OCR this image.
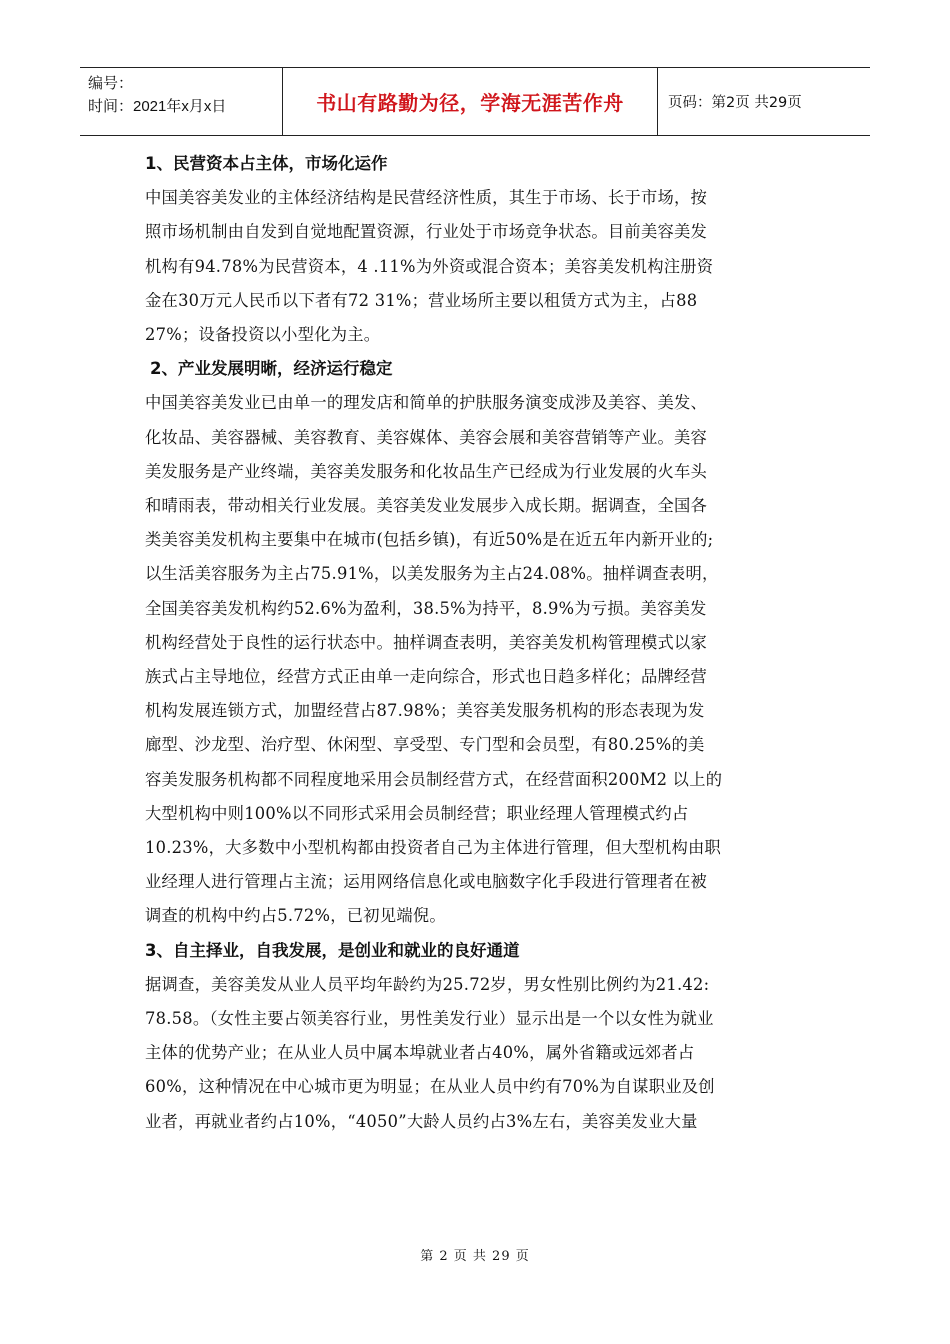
编号：
时间：2021年x月x日	书山有路勤为径，学海无涯苦作舟	页码：第2页 共29页

1、民营资本占主体，市场化运作

中国美容美发业的主体经济结构是民营经济性质，其生于市场、长于市场，按

照市场机制由自发到自觉地配置资源，行业处于市场竞争状态。目前美容美发

机构有94.78%为民营资本，4 .11%为外资或混合资本；美容美发机构注册资

金在30万元人民币以下者有72 31%；营业场所主要以租赁方式为主，占88

27%；设备投资以小型化为主。

2、产业发展明晰，经济运行稳定

中国美容美发业已由单一的理发店和简单的护肤服务演变成涉及美容、美发、

化妆品、美容器械、美容教育、美容媒体、美容会展和美容营销等产业。美容

美发服务是产业终端，美容美发服务和化妆品生产已经成为行业发展的火车头

和晴雨表，带动相关行业发展。美容美发业发展步入成长期。据调查，全国各

类美容美发机构主要集中在城市(包括乡镇)，有近50%是在近五年内新开业的;

以生活美容服务为主占75.91%，以美发服务为主占24.08%。抽样调查表明，

全国美容美发机构约52.6%为盈利，38.5%为持平，8.9%为亏损。美容美发

机构经营处于良性的运行状态中。抽样调查表明，美容美发机构管理模式以家

族式占主导地位，经营方式正由单一走向综合，形式也日趋多样化；品牌经营

机构发展连锁方式，加盟经营占87.98%；美容美发服务机构的形态表现为发

廊型、沙龙型、治疗型、休闲型、享受型、专门型和会员型，有80.25%的美

容美发服务机构都不同程度地采用会员制经营方式，在经营面积200M2 以上的

大型机构中则100%以不同形式采用会员制经营；职业经理人管理模式约占

10.23%，大多数中小型机构都由投资者自己为主体进行管理，但大型机构由职

业经理人进行管理占主流；运用网络信息化或电脑数字化手段进行管理者在被

调查的机构中约占5.72%，已初见端倪。

3、自主择业，自我发展，是创业和就业的良好通道

据调查，美容美发从业人员平均年龄约为25.72岁，男女性别比例约为21.42:

78.58。（女性主要占领美容行业，男性美发行业）显示出是一个以女性为就业

主体的优势产业；在从业人员中属本埠就业者占40%，属外省籍或远郊者占

60%，这种情况在中心城市更为明显；在从业人员中约有70%为自谋职业及创

业者，再就业者约占10%，“4050”大龄人员约占3%左右，美容美发业大量

第 2 页 共 29 页
